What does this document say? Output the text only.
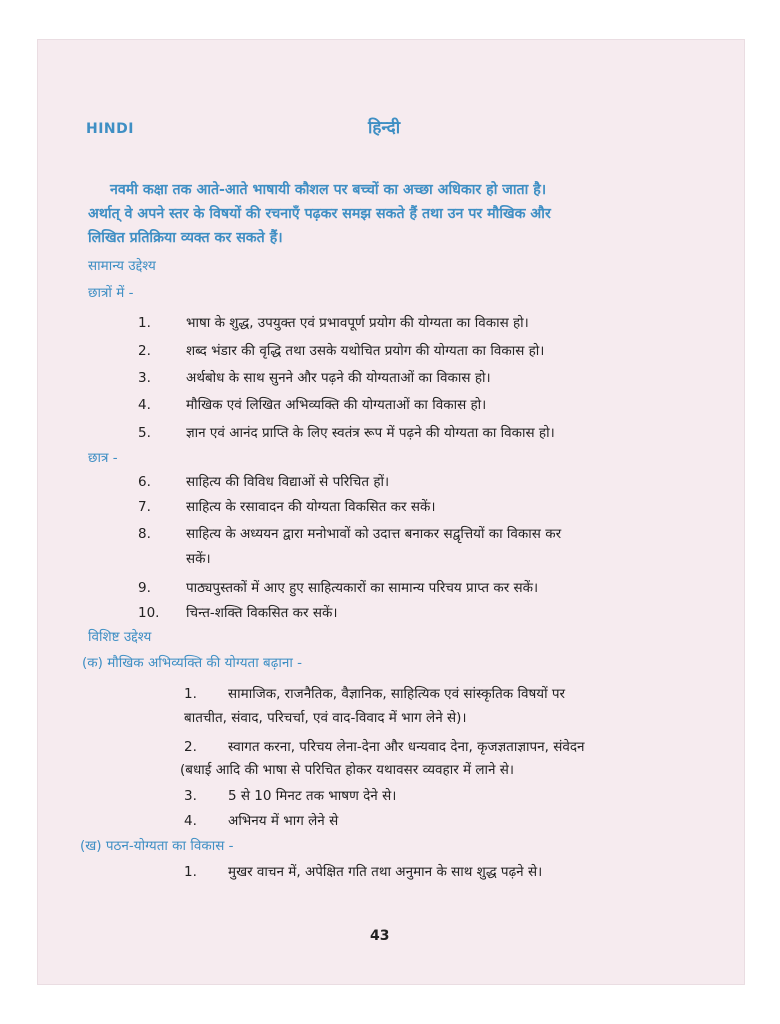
HINDI	हिन्दी
नवमी कक्षा तक आते-आते भाषायी कौशल पर बच्चों का अच्छा अधिकार हो जाता है।
अर्थात् वे अपने स्तर के विषयों की रचनाएँ पढ़कर समझ सकते हैं तथा उन पर मौखिक और
लिखित प्रतिक्रिया व्यक्त कर सकते हैं।
सामान्य उद्देश्य
छात्रों में -
1.	भाषा के शुद्ध, उपयुक्त एवं प्रभावपूर्ण प्रयोग की योग्यता का विकास हो।
2.	शब्द भंडार की वृद्धि तथा उसके यथोचित प्रयोग की योग्यता का विकास हो।
3.	अर्थबोध के साथ सुनने और पढ़ने की योग्यताओं का विकास हो।
4.	मौखिक एवं लिखित अभिव्यक्ति की योग्यताओं का विकास हो।
5.	ज्ञान एवं आनंद प्राप्ति के लिए स्वतंत्र रूप में पढ़ने की योग्यता का विकास हो।
छात्र -
6.	साहित्य की विविध विद्याओं से परिचित हों।
7.	साहित्य के रसावादन की योग्यता विकसित कर सकें।
8.	साहित्य के अध्ययन द्वारा मनोभावों को उदात्त बनाकर सद्वृत्तियों का विकास कर
सकें।
9.	पाठ्यपुस्तकों में आए हुए साहित्यकारों का सामान्य परिचय प्राप्त कर सकें।
10. चिन्त-शक्ति विकसित कर सकें।
विशिष्ट उद्देश्य
(क) मौखिक अभिव्यक्ति की योग्यता बढ़ाना -
1. सामाजिक, राजनैतिक, वैज्ञानिक, साहित्यिक एवं सांस्कृतिक विषयों पर
बातचीत, संवाद, परिचर्चा, एवं वाद-विवाद में भाग लेने से)।
2. स्वागत करना, परिचय लेना-देना और धन्यवाद देना, कृजज्ञताज्ञापन, संवेदन
(बधाई आदि की भाषा से परिचित होकर यथावसर व्यवहार में लाने से।
3. 5 से 10 मिनट तक भाषण देने से।
4. अभिनय में भाग लेने से
(ख) पठन-योग्यता का विकास -
1. मुखर वाचन में, अपेक्षित गति तथा अनुमान के साथ शुद्ध पढ़ने से।
43
